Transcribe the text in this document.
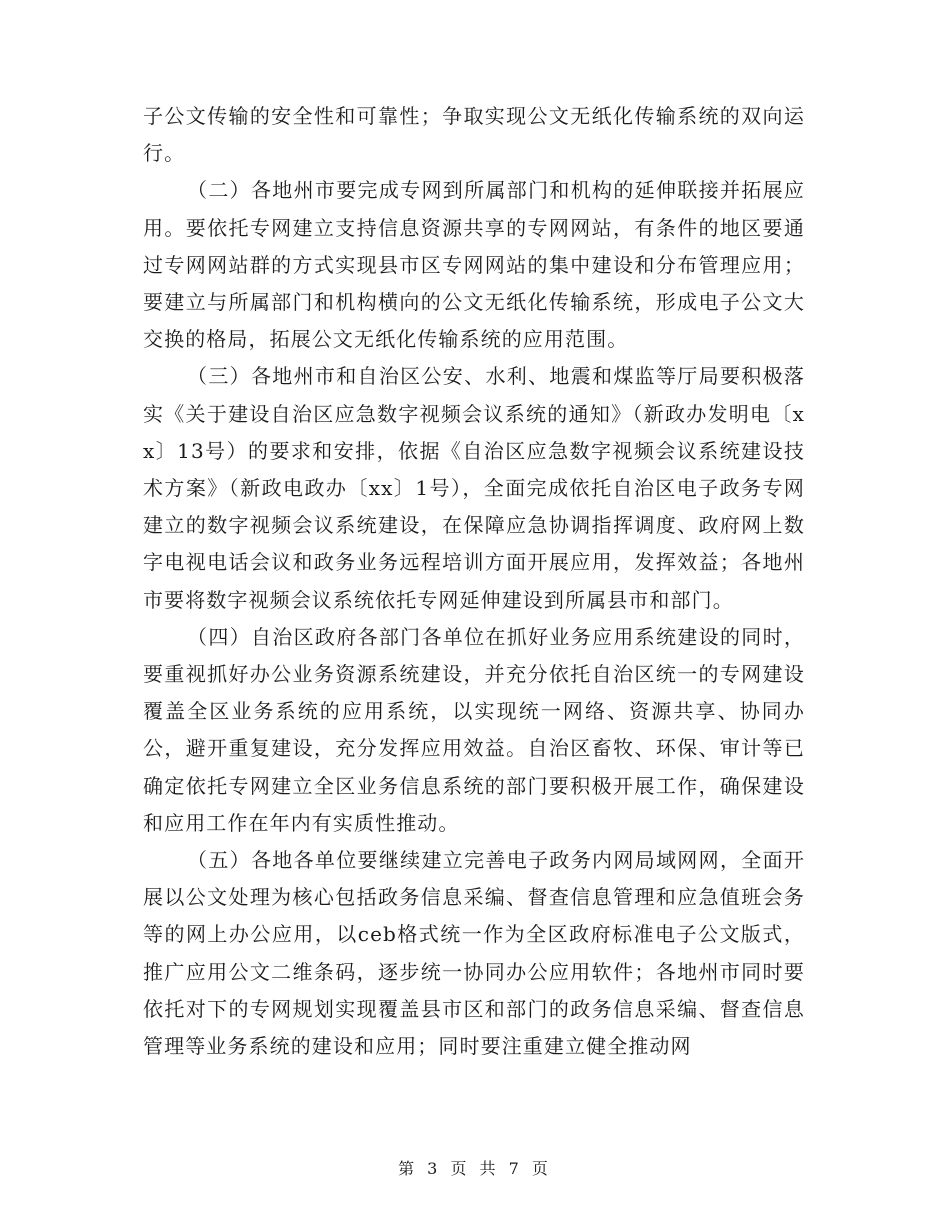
子公文传输的安全性和可靠性；争取实现公文无纸化传输系统的双向运行。

（二）各地州市要完成专网到所属部门和机构的延伸联接并拓展应用。要依托专网建立支持信息资源共享的专网网站，有条件的地区要通过专网网站群的方式实现县市区专网网站的集中建设和分布管理应用；要建立与所属部门和机构横向的公文无纸化传输系统，形成电子公文大交换的格局，拓展公文无纸化传输系统的应用范围。

（三）各地州市和自治区公安、水利、地震和煤监等厅局要积极落实《关于建设自治区应急数字视频会议系统的通知》（新政办发明电〔xx〕13号）的要求和安排，依据《自治区应急数字视频会议系统建设技术方案》（新政电政办〔xx〕1号），全面完成依托自治区电子政务专网建立的数字视频会议系统建设，在保障应急协调指挥调度、政府网上数字电视电话会议和政务业务远程培训方面开展应用，发挥效益；各地州市要将数字视频会议系统依托专网延伸建设到所属县市和部门。

（四）自治区政府各部门各单位在抓好业务应用系统建设的同时，要重视抓好办公业务资源系统建设，并充分依托自治区统一的专网建设覆盖全区业务系统的应用系统，以实现统一网络、资源共享、协同办公，避开重复建设，充分发挥应用效益。自治区畜牧、环保、审计等已确定依托专网建立全区业务信息系统的部门要积极开展工作，确保建设和应用工作在年内有实质性推动。

（五）各地各单位要继续建立完善电子政务内网局域网网，全面开展以公文处理为核心包括政务信息采编、督查信息管理和应急值班会务等的网上办公应用，以ceb格式统一作为全区政府标准电子公文版式，推广应用公文二维条码，逐步统一协同办公应用软件；各地州市同时要依托对下的专网规划实现覆盖县市区和部门的政务信息采编、督查信息管理等业务系统的建设和应用；同时要注重建立健全推动网

第 3 页 共 7 页
